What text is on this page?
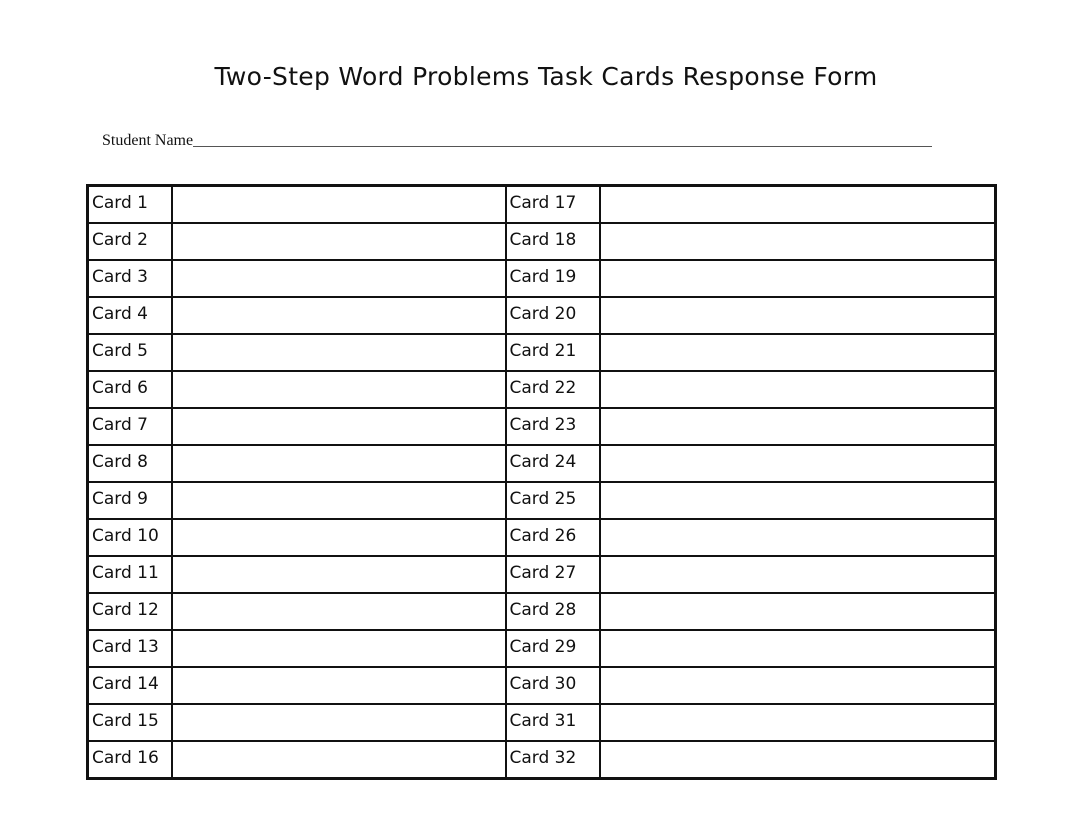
Two-Step Word Problems Task Cards Response Form
Student Name
Card 1		Card 17	
Card 2		Card 18	
Card 3		Card 19	
Card 4		Card 20	
Card 5		Card 21	
Card 6		Card 22	
Card 7		Card 23	
Card 8		Card 24	
Card 9		Card 25	
Card 10		Card 26	
Card 11		Card 27	
Card 12		Card 28	
Card 13		Card 29	
Card 14		Card 30	
Card 15		Card 31	
Card 16		Card 32	
